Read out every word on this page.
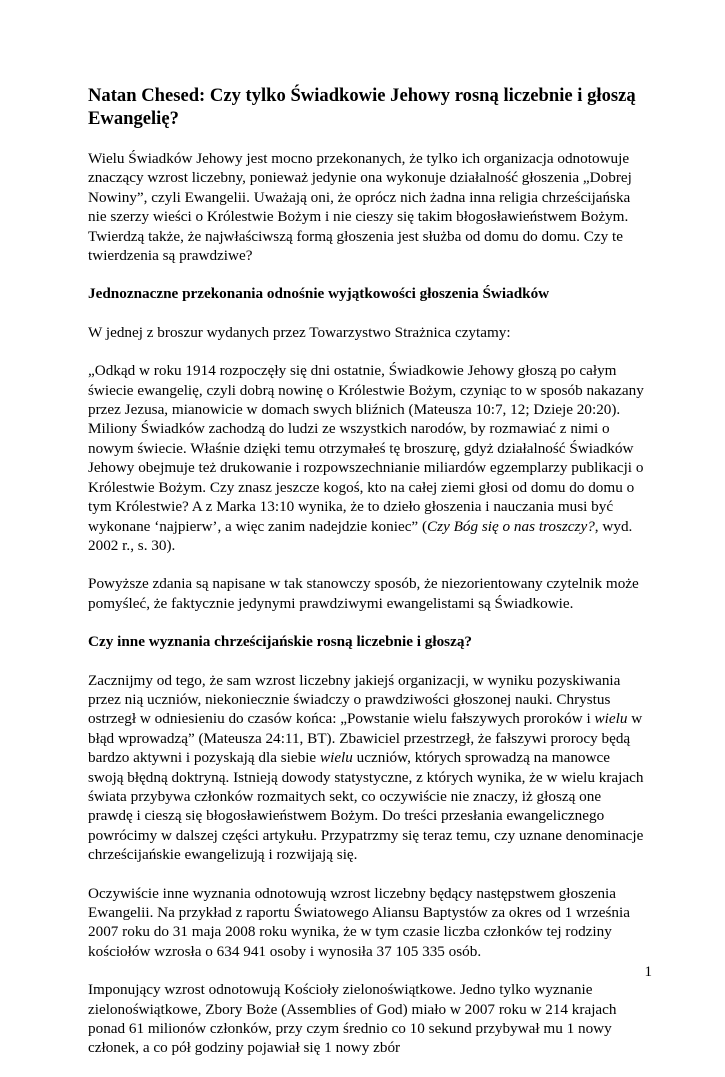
Natan Chesed: Czy tylko Świadkowie Jehowy rosną liczebnie i głoszą Ewangelię?

Wielu Świadków Jehowy jest mocno przekonanych, że tylko ich organizacja odnotowuje znaczący wzrost liczebny, ponieważ jedynie ona wykonuje działalność głoszenia „Dobrej Nowiny”, czyli Ewangelii. Uważają oni, że oprócz nich żadna inna religia chrześcijańska nie szerzy wieści o Królestwie Bożym i nie cieszy się takim błogosławieństwem Bożym. Twierdzą także, że najwłaściwszą formą głoszenia jest służba od domu do domu. Czy te twierdzenia są prawdziwe?

Jednoznaczne przekonania odnośnie wyjątkowości głoszenia Świadków

W jednej z broszur wydanych przez Towarzystwo Strażnica czytamy:

„Odkąd w roku 1914 rozpoczęły się dni ostatnie, Świadkowie Jehowy głoszą po całym świecie ewangelię, czyli dobrą nowinę o Królestwie Bożym, czyniąc to w sposób nakazany przez Jezusa, mianowicie w domach swych bliźnich (Mateusza 10:7, 12; Dzieje 20:20). Miliony Świadków zachodzą do ludzi ze wszystkich narodów, by rozmawiać z nimi o nowym świecie. Właśnie dzięki temu otrzymałeś tę broszurę, gdyż działalność Świadków Jehowy obejmuje też drukowanie i rozpowszechnianie miliardów egzemplarzy publikacji o Królestwie Bożym. Czy znasz jeszcze kogoś, kto na całej ziemi głosi od domu do domu o tym Królestwie? A z Marka 13:10 wynika, że to dzieło głoszenia i nauczania musi być wykonane ‘najpierw’, a więc zanim nadejdzie koniec” (Czy Bóg się o nas troszczy?, wyd. 2002 r., s. 30).

Powyższe zdania są napisane w tak stanowczy sposób, że niezorientowany czytelnik może pomyśleć, że faktycznie jedynymi prawdziwymi ewangelistami są Świadkowie.

Czy inne wyznania chrześcijańskie rosną liczebnie i głoszą?

Zacznijmy od tego, że sam wzrost liczebny jakiejś organizacji, w wyniku pozyskiwania przez nią uczniów, niekoniecznie świadczy o prawdziwości głoszonej nauki. Chrystus ostrzegł w odniesieniu do czasów końca: „Powstanie wielu fałszywych proroków i wielu w błąd wprowadzą” (Mateusza 24:11, BT). Zbawiciel przestrzegł, że fałszywi prorocy będą bardzo aktywni i pozyskają dla siebie wielu uczniów, których sprowadzą na manowce swoją błędną doktryną. Istnieją dowody statystyczne, z których wynika, że w wielu krajach świata przybywa członków rozmaitych sekt, co oczywiście nie znaczy, iż głoszą one prawdę i cieszą się błogosławieństwem Bożym. Do treści przesłania ewangelicznego powrócimy w dalszej części artykułu. Przypatrzmy się teraz temu, czy uznane denominacje chrześcijańskie ewangelizują i rozwijają się.

Oczywiście inne wyznania odnotowują wzrost liczebny będący następstwem głoszenia Ewangelii. Na przykład z raportu Światowego Aliansu Baptystów za okres od 1 września 2007 roku do 31 maja 2008 roku wynika, że w tym czasie liczba członków tej rodziny kościołów wzrosła o 634 941 osoby i wynosiła 37 105 335 osób.

Imponujący wzrost odnotowują Kościoły zielonoświątkowe. Jedno tylko wyznanie zielonoświątkowe, Zbory Boże (Assemblies of God) miało w 2007 roku w 214 krajach ponad 61 milionów członków, przy czym średnio co 10 sekund przybywał mu 1 nowy członek, a co pół godziny pojawiał się 1 nowy zbór

1
